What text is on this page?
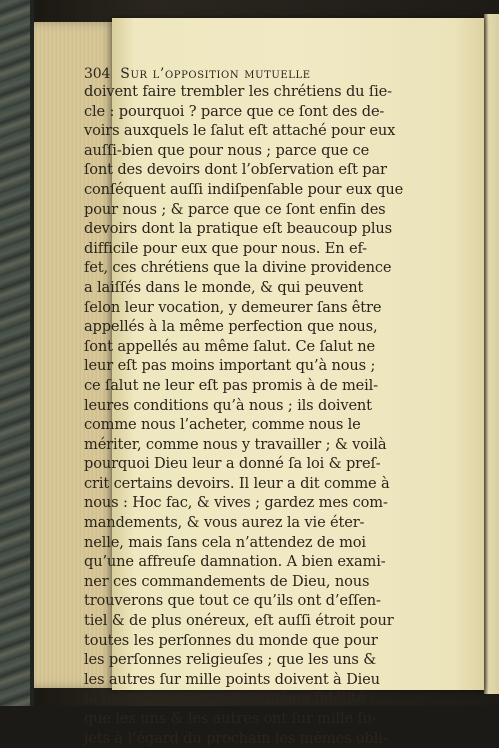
304 Sur l’opposition mutuelle
doivent faire trembler les chrétiens du ſie-
cle : pourquoi ? parce que ce ſont des de-
voirs auxquels le ſalut eſt attaché pour eux
auſſi-bien que pour nous ; parce que ce
ſont des devoirs dont l’obſervation eſt par
conſéquent auſſi indiſpenſable pour eux que
pour nous ; & parce que ce ſont enfin des
devoirs dont la pratique eſt beaucoup plus
difficile pour eux que pour nous. En ef-
fet, ces chrétiens que la divine providence
a laiſſés dans le monde, & qui peuvent
ſelon leur vocation, y demeurer ſans être
appellés à la même perfection que nous,
ſont appellés au même ſalut. Ce ſalut ne
leur eſt pas moins important qu’à nous ;
ce ſalut ne leur eſt pas promis à de meil-
leures conditions qu’à nous ; ils doivent
comme nous l’acheter, comme nous le
mériter, comme nous y travailler ; & voilà
pourquoi Dieu leur a donné ſa loi & preſ-
crit certains devoirs. Il leur a dit comme à
nous : Hoc fac, & vives ; gardez mes com-
mandements, & vous aurez la vie éter-
nelle, mais ſans cela n’attendez de moi
qu’une affreuſe damnation. A bien exami-
ner ces commandements de Dieu, nous
trouverons que tout ce qu’ils ont d’eſſen-
tiel & de plus onéreux, eſt auſſi étroit pour
toutes les perſonnes du monde que pour
les perſonnes religieuſes ; que les uns &
les autres ſur mille points doivent à Dieu
la même obéiſſance & la même fidélité ;
que les uns & les autres ont ſur mille ſu-
jets à l’égard du prochain les mêmes obli-
